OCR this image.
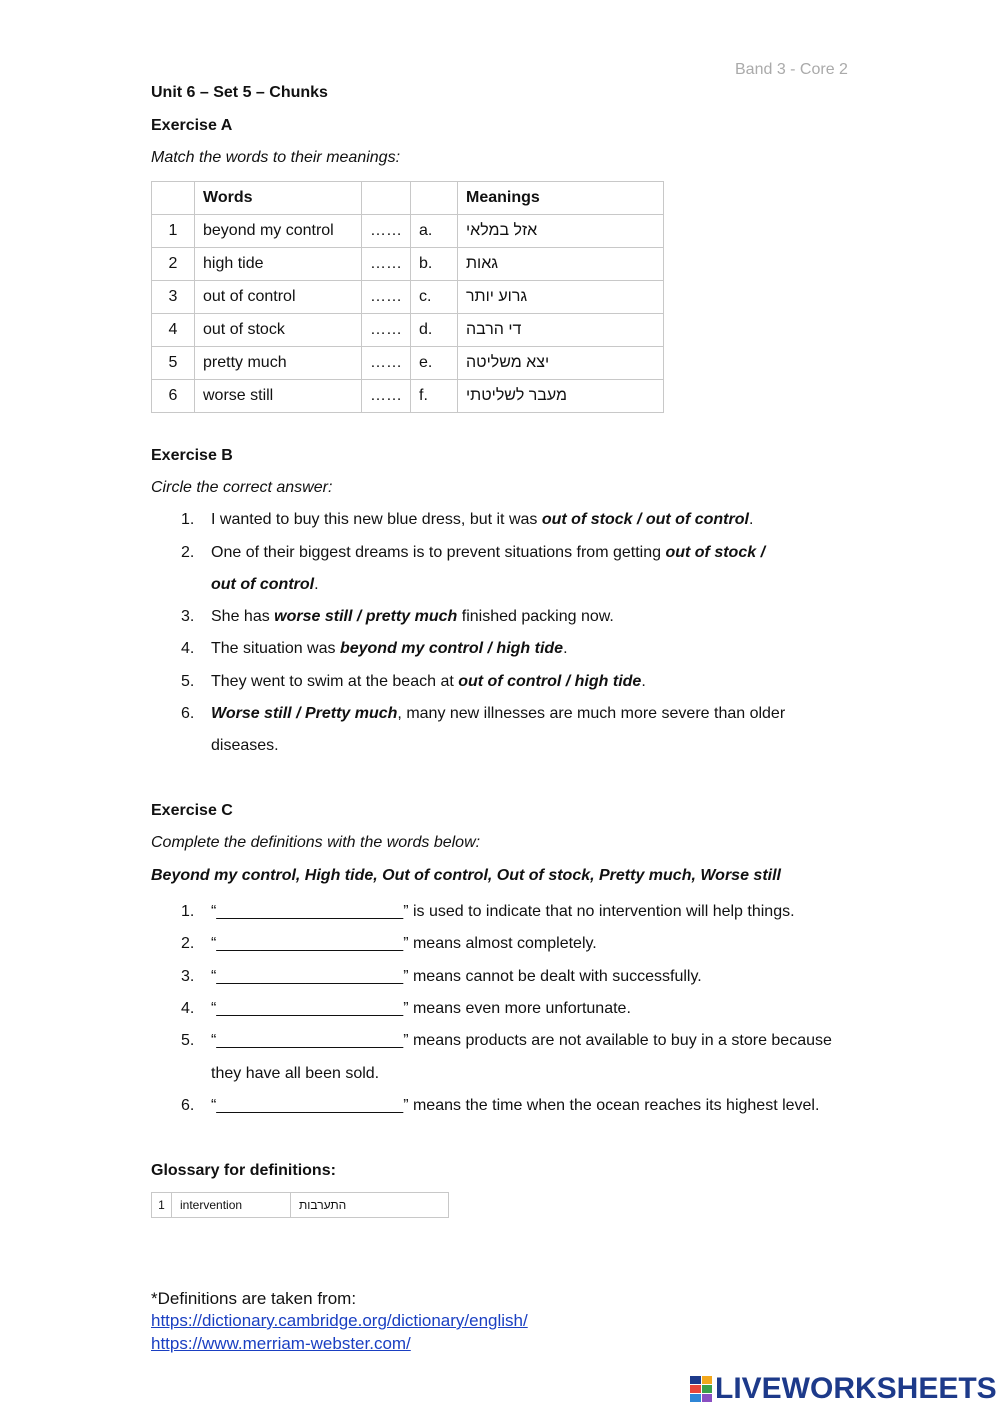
Band 3 - Core 2
Unit 6 – Set 5 – Chunks
Exercise A
Match the words to their meanings:
	Words			Meanings
1	beyond my control	……	a.	אזל במלאי
2	high tide	……	b.	גאות
3	out of control	……	c.	גרוע יותר
4	out of stock	……	d.	די הרבה
5	pretty much	……	e.	יצא משליטה
6	worse still	……	f.	מעבר לשליטתי
Exercise B
Circle the correct answer:
1.	I wanted to buy this new blue dress, but it was out of stock / out of control.
2.	One of their biggest dreams is to prevent situations from getting out of stock /
out of control.
3.	She has worse still / pretty much finished packing now.
4.	The situation was beyond my control / high tide.
5.	They went to swim at the beach at out of control / high tide.
6.	Worse still / Pretty much, many new illnesses are much more severe than older
diseases.
Exercise C
Complete the definitions with the words below:
Beyond my control, High tide, Out of control, Out of stock, Pretty much, Worse still
1.	“_____________________” is used to indicate that no intervention will help things.
2.	“_____________________” means almost completely.
3.	“_____________________” means cannot be dealt with successfully.
4.	“_____________________” means even more unfortunate.
5.	“_____________________” means products are not available to buy in a store because
they have all been sold.
6.	“_____________________” means the time when the ocean reaches its highest level.
Glossary for definitions:
1	intervention	התערבות
*Definitions are taken from:
https://dictionary.cambridge.org/dictionary/english/
https://www.merriam-webster.com/
LIVEWORKSHEETS
